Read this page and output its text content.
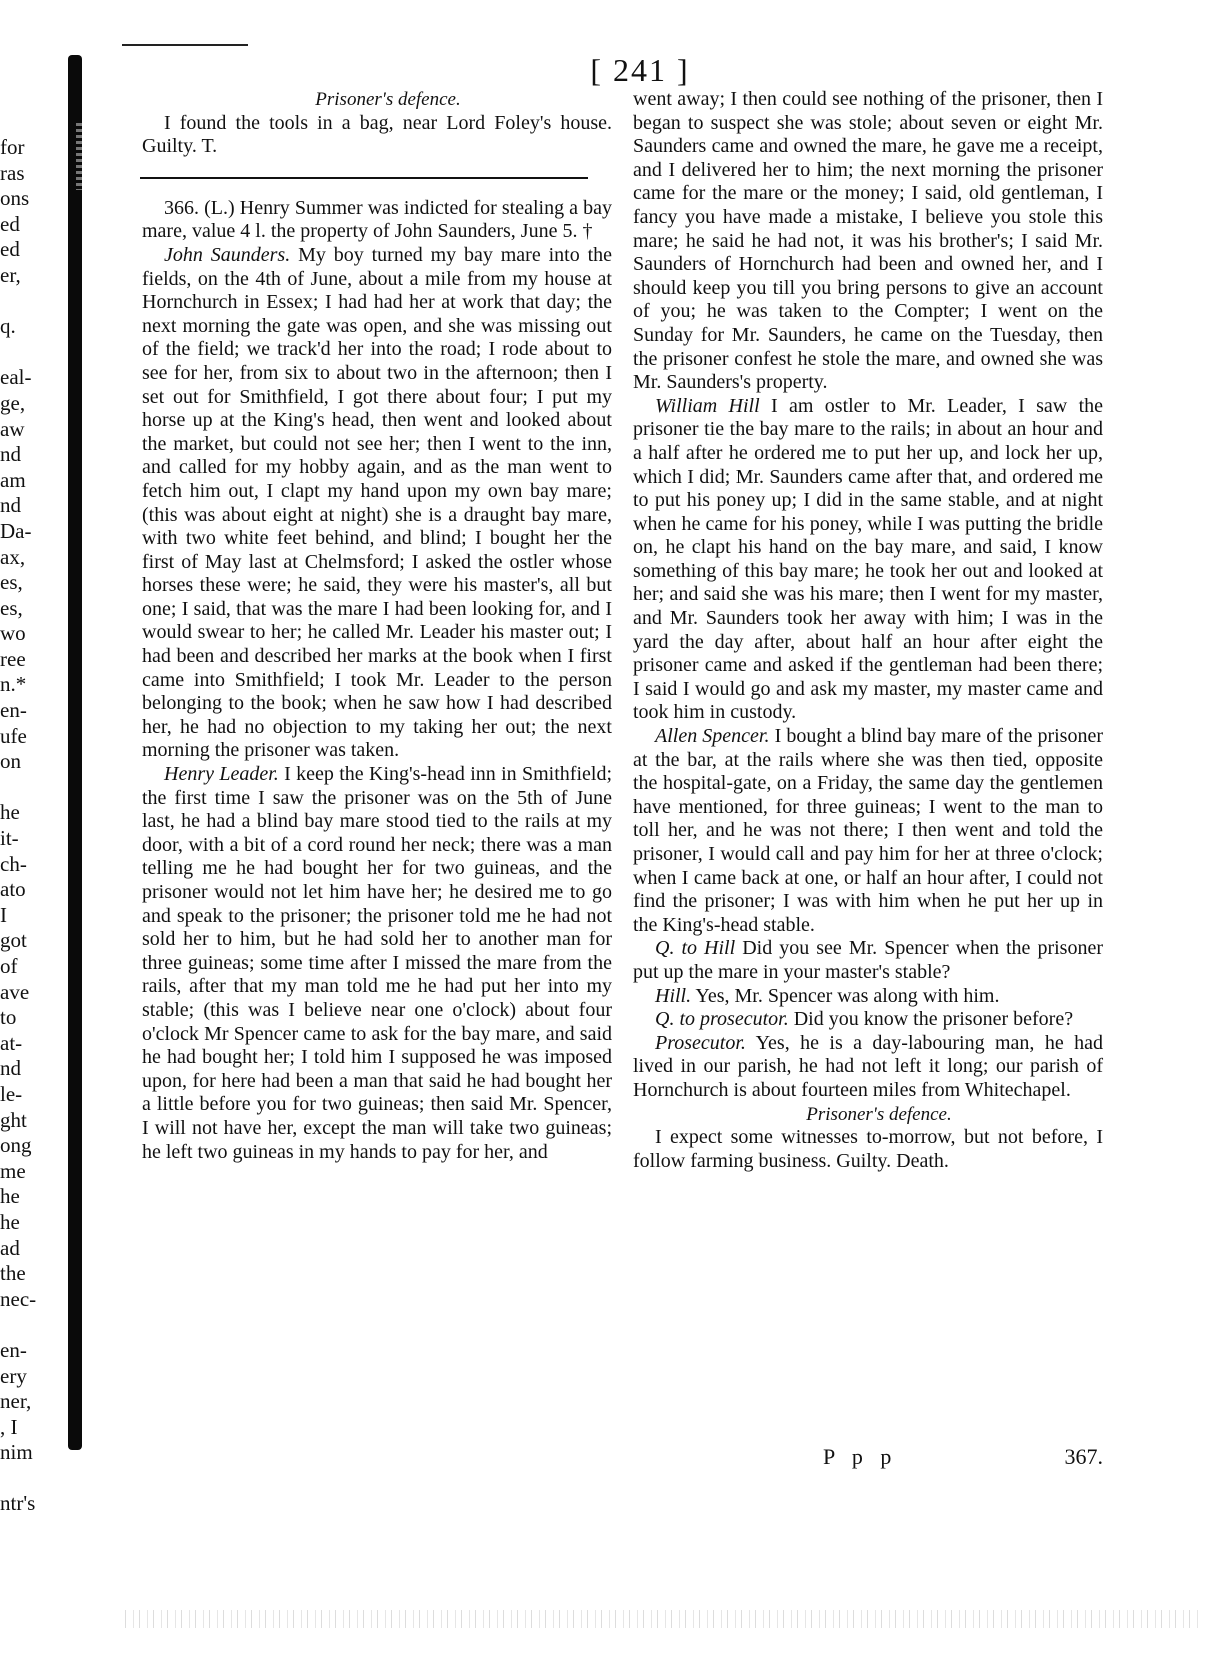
for
ras
ons
ed
ed
er,
q.
eal-
ge,
aw
nd
am
nd
Da-
ax,
es,
es,
wo
ree
n.*
en-
ufe
on
he
it-
ch-
ato
I
got
of
ave
to
at-
nd
le-
ght
ong
me
he
he
ad
the
nec-
en-
ery
ner,
, I
nim
ntr's
[ 241 ]

Prisoner's defence.

I found the tools in a bag, near Lord Foley's house. Guilty. T.

366. (L.) Henry Summer was indicted for stealing a bay mare, value 4 l. the property of John Saunders, June 5. †

John Saunders. My boy turned my bay mare into the fields, on the 4th of June, about a mile from my house at Hornchurch in Essex; I had had her at work that day; the next morning the gate was open, and she was missing out of the field; we track'd her into the road; I rode about to see for her, from six to about two in the afternoon; then I set out for Smithfield, I got there about four; I put my horse up at the King's head, then went and looked about the market, but could not see her; then I went to the inn, and called for my hobby again, and as the man went to fetch him out, I clapt my hand upon my own bay mare; (this was about eight at night) she is a draught bay mare, with two white feet behind, and blind; I bought her the first of May last at Chelmsford; I asked the ostler whose horses these were; he said, they were his master's, all but one; I said, that was the mare I had been looking for, and I would swear to her; he called Mr. Leader his master out; I had been and described her marks at the book when I first came into Smithfield; I took Mr. Leader to the person belonging to the book; when he saw how I had described her, he had no objection to my taking her out; the next morning the prisoner was taken.

Henry Leader. I keep the King's-head inn in Smithfield; the first time I saw the prisoner was on the 5th of June last, he had a blind bay mare stood tied to the rails at my door, with a bit of a cord round her neck; there was a man telling me he had bought her for two guineas, and the prisoner would not let him have her; he desired me to go and speak to the prisoner; the prisoner told me he had not sold her to him, but he had sold her to another man for three guineas; some time after I missed the mare from the rails, after that my man told me he had put her into my stable; (this was I believe near one o'clock) about four o'clock Mr Spencer came to ask for the bay mare, and said he had bought her; I told him I supposed he was imposed upon, for here had been a man that said he had bought her a little before you for two guineas; then said Mr. Spencer, I will not have her, except the man will take two guineas; he left two guineas in my hands to pay for her, and

went away; I then could see nothing of the prisoner, then I began to suspect she was stole; about seven or eight Mr. Saunders came and owned the mare, he gave me a receipt, and I delivered her to him; the next morning the prisoner came for the mare or the money; I said, old gentleman, I fancy you have made a mistake, I believe you stole this mare; he said he had not, it was his brother's; I said Mr. Saunders of Hornchurch had been and owned her, and I should keep you till you bring persons to give an account of you; he was taken to the Compter; I went on the Sunday for Mr. Saunders, he came on the Tuesday, then the prisoner confest he stole the mare, and owned she was Mr. Saunders's property.

William Hill I am ostler to Mr. Leader, I saw the prisoner tie the bay mare to the rails; in about an hour and a half after he ordered me to put her up, and lock her up, which I did; Mr. Saunders came after that, and ordered me to put his poney up; I did in the same stable, and at night when he came for his poney, while I was putting the bridle on, he clapt his hand on the bay mare, and said, I know something of this bay mare; he took her out and looked at her; and said she was his mare; then I went for my master, and Mr. Saunders took her away with him; I was in the yard the day after, about half an hour after eight the prisoner came and asked if the gentleman had been there; I said I would go and ask my master, my master came and took him in custody.

Allen Spencer. I bought a blind bay mare of the prisoner at the bar, at the rails where she was then tied, opposite the hospital-gate, on a Friday, the same day the gentlemen have mentioned, for three guineas; I went to the man to toll her, and he was not there; I then went and told the prisoner, I would call and pay him for her at three o'clock; when I came back at one, or half an hour after, I could not find the prisoner; I was with him when he put her up in the King's-head stable.

Q. to Hill Did you see Mr. Spencer when the prisoner put up the mare in your master's stable?

Hill. Yes, Mr. Spencer was along with him.

Q. to prosecutor. Did you know the prisoner before?

Prosecutor. Yes, he is a day-labouring man, he had lived in our parish, he had not left it long; our parish of Hornchurch is about fourteen miles from Whitechapel.

Prisoner's defence.

I expect some witnesses to-morrow, but not before, I follow farming business. Guilty. Death.

P p p	367.
